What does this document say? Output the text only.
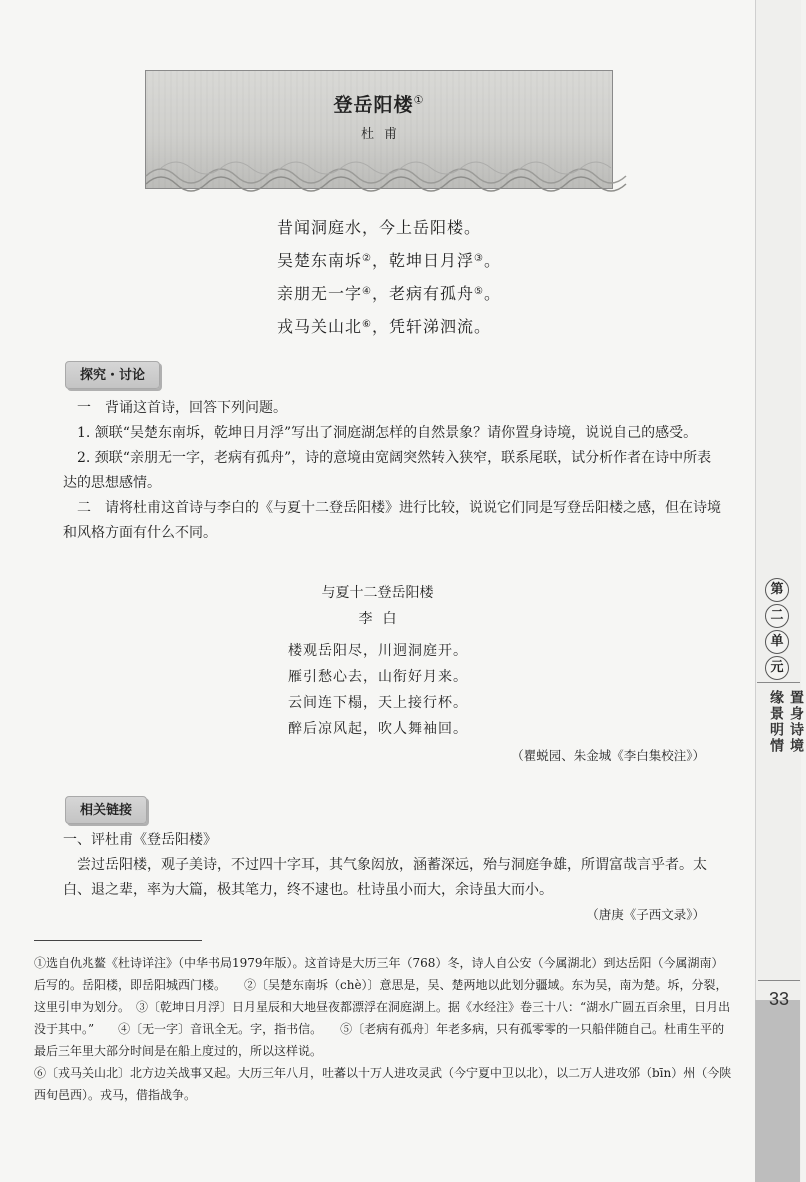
登岳阳楼①
杜甫
昔闻洞庭水，今上岳阳楼。
吴楚东南坼②，乾坤日月浮③。
亲朋无一字④，老病有孤舟⑤。
戎马关山北⑥，凭轩涕泗流。
探究・讨论

一　背诵这首诗，回答下列问题。

1. 颔联“吴楚东南坼，乾坤日月浮”写出了洞庭湖怎样的自然景象？请你置身诗境，说说自己的感受。

2. 颈联“亲朋无一字，老病有孤舟”，诗的意境由宽阔突然转入狭窄，联系尾联，试分析作者在诗中所表达的思想感情。

二　请将杜甫这首诗与李白的《与夏十二登岳阳楼》进行比较，说说它们同是写登岳阳楼之感，但在诗境和风格方面有什么不同。

与夏十二登岳阳楼
李白
楼观岳阳尽，川迥洞庭开。
雁引愁心去，山衔好月来。
云间连下榻，天上接行杯。
醉后凉风起，吹人舞袖回。
（瞿蜕园、朱金城《李白集校注》）
相关链接

一、评杜甫《登岳阳楼》

尝过岳阳楼，观子美诗，不过四十字耳，其气象闳放，涵蓄深远，殆与洞庭争雄，所谓富哉言乎者。太白、退之辈，率为大篇，极其笔力，终不逮也。杜诗虽小而大，余诗虽大而小。

（唐庚《子西文录》）

①选自仇兆鳌《杜诗详注》（中华书局1979年版）。这首诗是大历三年（768）冬，诗人自公安（今属湖北）到达岳阳（今属湖南）后写的。岳阳楼，即岳阳城西门楼。　　②〔吴楚东南坼（chè）〕意思是，吴、楚两地以此划分疆域。东为吴，南为楚。坼，分裂，这里引申为划分。　③〔乾坤日月浮〕日月星辰和大地昼夜都漂浮在洞庭湖上。据《水经注》卷三十八：“湖水广圆五百余里，日月出没于其中。”　　④〔无一字〕音讯全无。字，指书信。　　⑤〔老病有孤舟〕年老多病，只有孤零零的一只船伴随自己。杜甫生平的最后三年里大部分时间是在船上度过的，所以这样说。

⑥〔戎马关山北〕北方边关战事又起。大历三年八月，吐蕃以十万人进攻灵武（今宁夏中卫以北），以二万人进攻邠（bīn）州（今陕西旬邑西）。戎马，借指战争。

第
二
单
元
置身诗境
缘景明情
33
